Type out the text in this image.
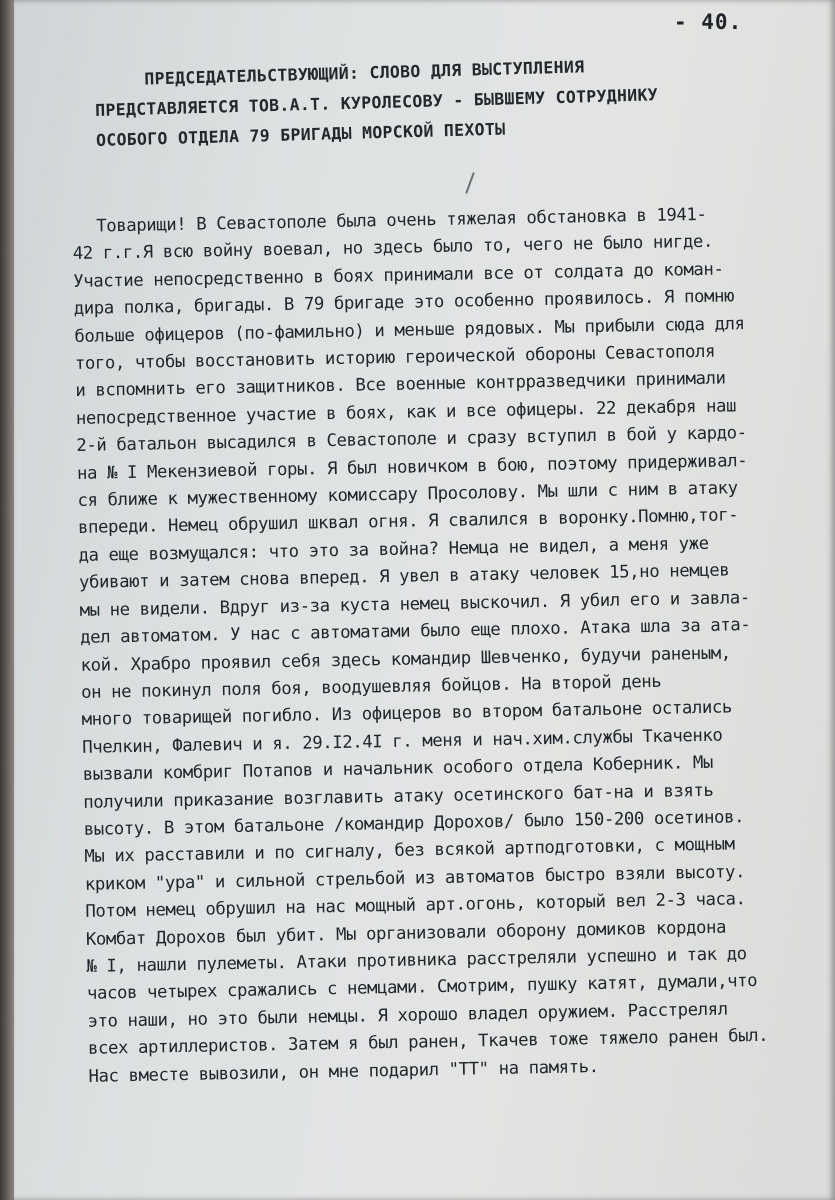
- 40.
ПРЕДСЕДАТЕЛЬСТВУЮЩИЙ: СЛОВО ДЛЯ ВЫСТУПЛЕНИЯ
ПРЕДСТАВЛЯЕТСЯ ТОВ.А.Т. КУРОЛЕСОВУ - БЫВШЕМУ СОТРУДНИКУ
ОСОБОГО ОТДЕЛА 79 БРИГАДЫ МОРСКОЙ ПЕХОТЫ
Товарищи! В Севастополе была очень тяжелая обстановка в 1941-
42 г.г.Я всю войну воевал, но здесь было то, чего не было нигде.
Участие непосредственно в боях принимали все от солдата до коман-
дира полка, бригады. В 79 бригаде это особенно проявилось. Я помню
больше офицеров (по-фамильно) и меньше рядовых. Мы прибыли сюда для
того, чтобы восстановить историю героической обороны Севастополя
и вспомнить его защитников. Все военные контрразведчики принимали
непосредственное участие в боях, как и все офицеры. 22 декабря наш
2-й батальон высадился в Севастополе и сразу вступил в бой у кардо-
на № I Мекензиевой горы. Я был новичком в бою, поэтому придерживал-
ся ближе к мужественному комиссару Просолову. Мы шли с ним в атаку
впереди. Немец обрушил шквал огня. Я свалился в воронку.Помню,тог-
да еще возмущался: что это за война? Немца не видел, а меня уже
убивают и затем снова вперед. Я увел в атаку человек 15,но немцев
мы не видели. Вдруг из-за куста немец выскочил. Я убил его и завла-
дел автоматом. У нас с автоматами было еще плохо. Атака шла за ата-
кой. Храбро проявил себя здесь командир Шевченко, будучи раненым,
он не покинул поля боя, воодушевляя бойцов. На второй день
много товарищей погибло. Из офицеров во втором батальоне остались
Пчелкин, Фалевич и я. 29.I2.4I г. меня и нач.хим.службы Ткаченко
вызвали комбриг Потапов и начальник особого отдела Коберник. Мы
получили приказание возглавить атаку осетинского бат-на и взять
высоту. В этом батальоне /командир Дорохов/ было 150-200 осетинов.
Мы их расставили и по сигналу, без всякой артподготовки, с мощным
криком "ура" и сильной стрельбой из автоматов быстро взяли высоту.
Потом немец обрушил на нас мощный арт.огонь, который вел 2-3 часа.
Комбат Дорохов был убит. Мы организовали оборону домиков кордона
№ I, нашли пулеметы. Атаки противника расстреляли успешно и так до
часов четырех сражались с немцами. Смотрим, пушку катят, думали,что
это наши, но это были немцы. Я хорошо владел оружием. Расстрелял
всех артиллеристов. Затем я был ранен, Ткачев тоже тяжело ранен был.
Нас вместе вывозили, он мне подарил "ТТ" на память.
